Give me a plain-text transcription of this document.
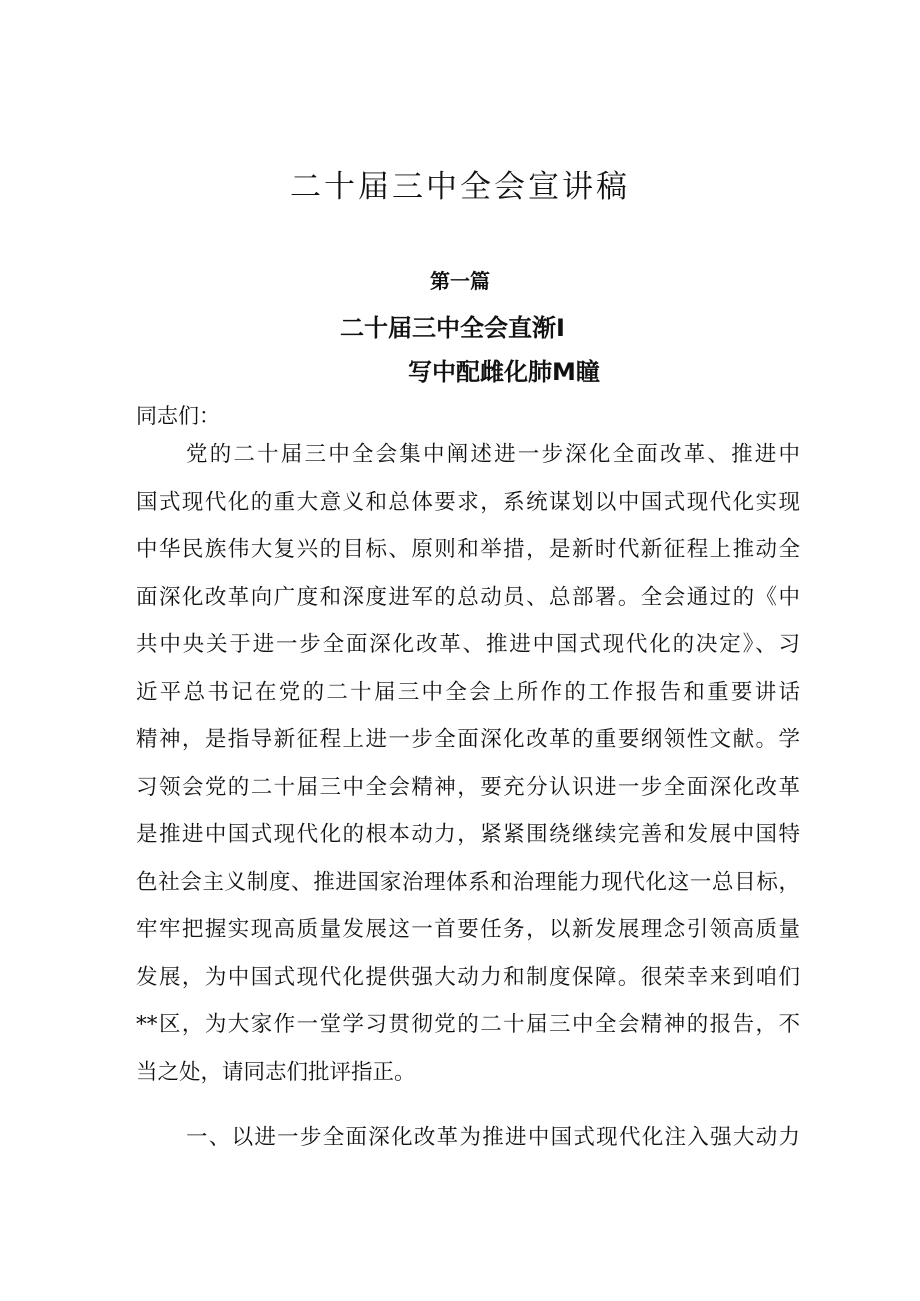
二十届三中全会宣讲稿
第一篇
二十届三中全会直渐I
写中配雌化肺M瞳
同志们：
党的二十届三中全会集中阐述进一步深化全面改革、推进中
国式现代化的重大意义和总体要求，系统谋划以中国式现代化实现
中华民族伟大复兴的目标、原则和举措，是新时代新征程上推动全
面深化改革向广度和深度进军的总动员、总部署。全会通过的《中
共中央关于进一步全面深化改革、推进中国式现代化的决定》、习
近平总书记在党的二十届三中全会上所作的工作报告和重要讲话
精神，是指导新征程上进一步全面深化改革的重要纲领性文献。学
习领会党的二十届三中全会精神，要充分认识进一步全面深化改革
是推进中国式现代化的根本动力，紧紧围绕继续完善和发展中国特
色社会主义制度、推进国家治理体系和治理能力现代化这一总目标，
牢牢把握实现高质量发展这一首要任务，以新发展理念引领高质量
发展，为中国式现代化提供强大动力和制度保障。很荣幸来到咱们
**区，为大家作一堂学习贯彻党的二十届三中全会精神的报告，不
当之处，请同志们批评指正。
一、以进一步全面深化改革为推进中国式现代化注入强大动力
